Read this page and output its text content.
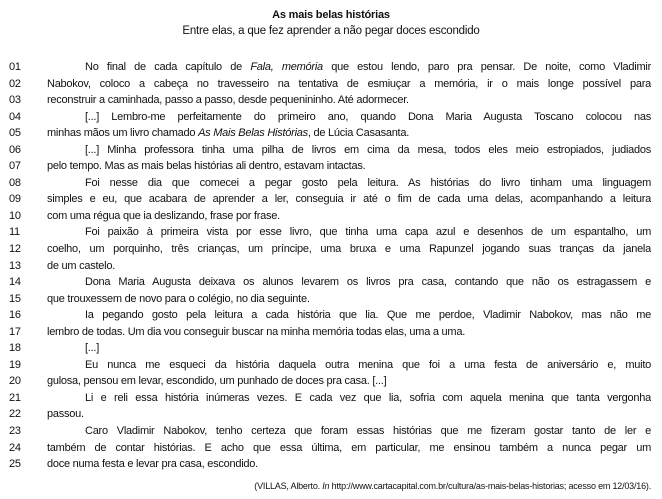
As mais belas histórias
Entre elas, a que fez aprender a não pegar doces escondido
01	No final de cada capítulo de Fala, memória que estou lendo, paro pra pensar. De noite, como Vladimir
02	Nabokov, coloco a cabeça no travesseiro na tentativa de esmiuçar a memória, ir o mais longe possível para
03	reconstruir a caminhada, passo a passo, desde pequenininho. Até adormecer.
04	[...] Lembro-me perfeitamente do primeiro ano, quando Dona Maria Augusta Toscano colocou nas
05	minhas mãos um livro chamado As Mais Belas Histórias, de Lúcia Casasanta.
06	[...] Minha professora tinha uma pilha de livros em cima da mesa, todos eles meio estropiados, judiados
07	pelo tempo. Mas as mais belas histórias ali dentro, estavam intactas.
08	Foi nesse dia que comecei a pegar gosto pela leitura. As histórias do livro tinham uma linguagem
09	simples e eu, que acabara de aprender a ler, conseguia ir até o fim de cada uma delas, acompanhando a leitura
10	com uma régua que ia deslizando, frase por frase.
11	Foi paixão à primeira vista por esse livro, que tinha uma capa azul e desenhos de um espantalho, um
12	coelho, um porquinho, três crianças, um príncipe, uma bruxa e uma Rapunzel jogando suas tranças da janela
13	de um castelo.
14	Dona Maria Augusta deixava os alunos levarem os livros pra casa, contando que não os estragassem e
15	que trouxessem de novo para o colégio, no dia seguinte.
16	Ia pegando gosto pela leitura a cada história que lia. Que me perdoe, Vladimir Nabokov, mas não me
17	lembro de todas. Um dia vou conseguir buscar na minha memória todas elas, uma a uma.
18	[...]
19	Eu nunca me esqueci da história daquela outra menina que foi a uma festa de aniversário e, muito
20	gulosa, pensou em levar, escondido, um punhado de doces pra casa. [...]
21	Li e reli essa história inúmeras vezes. E cada vez que lia, sofria com aquela menina que tanta vergonha
22	passou.
23	Caro Vladimir Nabokov, tenho certeza que foram essas histórias que me fizeram gostar tanto de ler e
24	também de contar histórias. E acho que essa última, em particular, me ensinou também a nunca pegar um
25	doce numa festa e levar pra casa, escondido.
(VILLAS, Alberto. In http://www.cartacapital.com.br/cultura/as-mais-belas-historias; acesso em 12/03/16).
